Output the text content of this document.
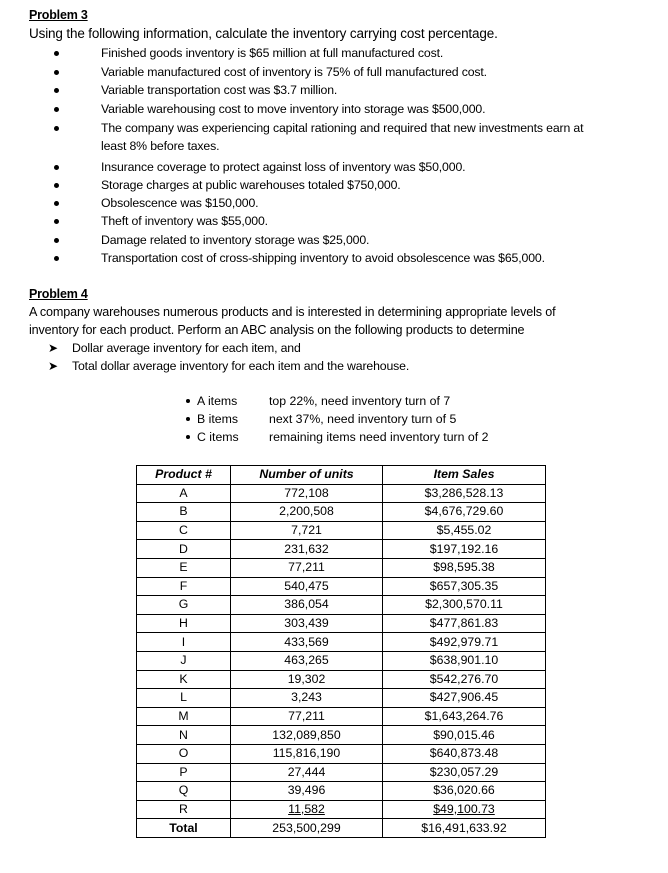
Problem 3
Using the following information, calculate the inventory carrying cost percentage.
Finished goods inventory is $65 million at full manufactured cost.
Variable manufactured cost of inventory is 75% of full manufactured cost.
Variable transportation cost was $3.7 million.
Variable warehousing cost to move inventory into storage was $500,000.
The company was experiencing capital rationing and required that new investments earn at
least 8% before taxes.
Insurance coverage to protect against loss of inventory was $50,000.
Storage charges at public warehouses totaled $750,000.
Obsolescence was $150,000.
Theft of inventory was $55,000.
Damage related to inventory storage was $25,000.
Transportation cost of cross-shipping inventory to avoid obsolescence was $65,000.
Problem 4
A company warehouses numerous products and is interested in determining appropriate levels of
inventory for each product. Perform an ABC analysis on the following products to determine
➤ Dollar average inventory for each item, and
➤ Total dollar average inventory for each item and the warehouse.
A items	top 22%, need inventory turn of 7
B items	next 37%, need inventory turn of 5
C items remaining items need inventory turn of 2
Product #	Number of units	Item Sales
A	772,108	$3,286,528.13
B	2,200,508	$4,676,729.60
C	7,721	$5,455.02
D	231,632	$197,192.16
E	77,211	$98,595.38
F	540,475	$657,305.35
G	386,054	$2,300,570.11
H	303,439	$477,861.83
I	433,569	$492,979.71
J	463,265	$638,901.10
K	19,302	$542,276.70
L	3,243	$427,906.45
M	77,211	$1,643,264.76
N	132,089,850	$90,015.46
O	115,816,190	$640,873.48
P	27,444	$230,057.29
Q	39,496	$36,020.66
R	11,582	$49,100.73
Total	253,500,299	$16,491,633.92
